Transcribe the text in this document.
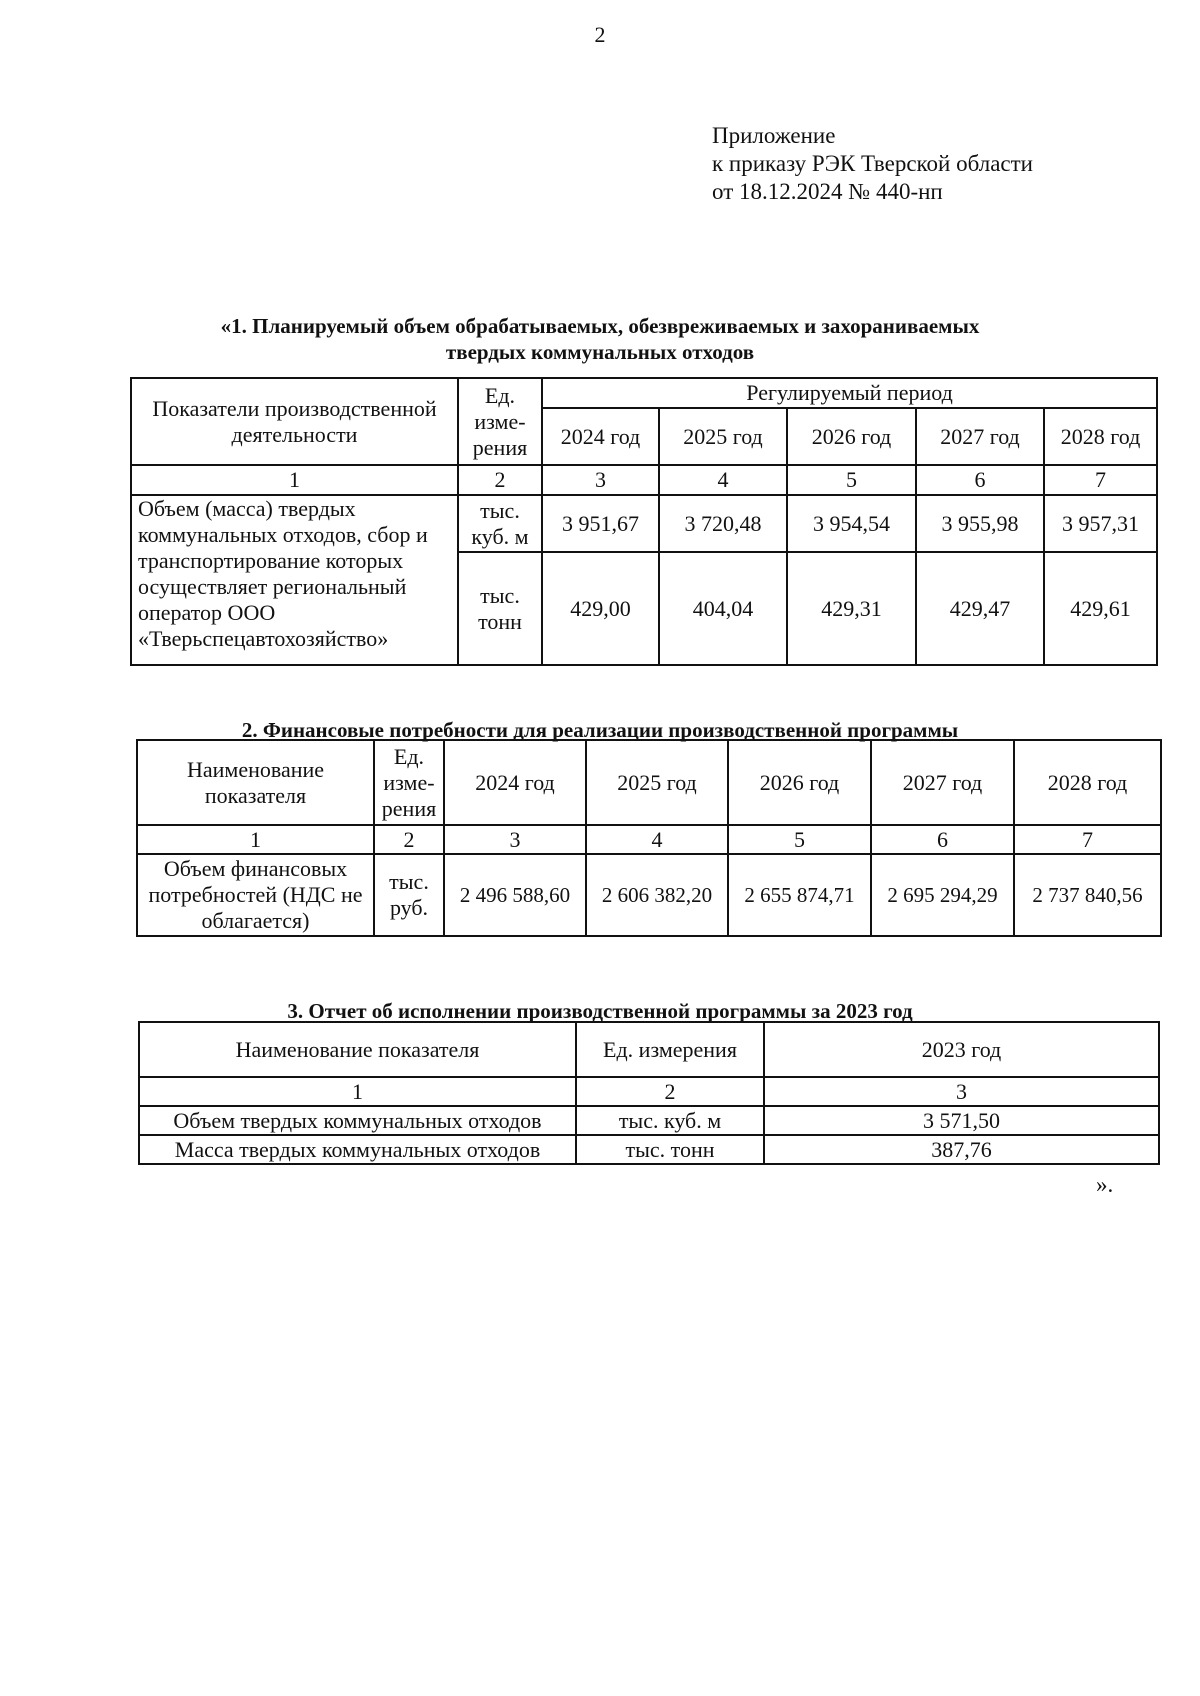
2
Приложение
к приказу РЭК Тверской области
от 18.12.2024 № 440-нп
«1. Планируемый объем обрабатываемых, обезвреживаемых и захораниваемых
твердых коммунальных отходов
Показатели производственной деятельности	Ед. изме- рения	Регулируемый период				
		2024 год	2025 год	2026 год	2027 год	2028 год
1	2	3	4	5	6	7
Объем (масса) твердых коммунальных отходов, сбор и транспортирование которых осуществляет региональный оператор ООО «Тверьспецавтохозяйство»	тыс. куб. м	3 951,67	3 720,48	3 954,54	3 955,98	3 957,31
	тыс. тонн	429,00	404,04	429,31	429,47	429,61
2. Финансовые потребности для реализации производственной программы
Наименование показателя	Ед. изме- рения	2024 год	2025 год	2026 год	2027 год	2028 год
1	2	3	4	5	6	7
Объем финансовых потребностей (НДС не облагается)	тыс. руб.	2 496 588,60	2 606 382,20	2 655 874,71	2 695 294,29	2 737 840,56
3. Отчет об исполнении производственной программы за 2023 год
Наименование показателя	Ед. измерения	2023 год
1	2	3
Объем твердых коммунальных отходов	тыс. куб. м	3 571,50
Масса твердых коммунальных отходов	тыс. тонн	387,76
».
